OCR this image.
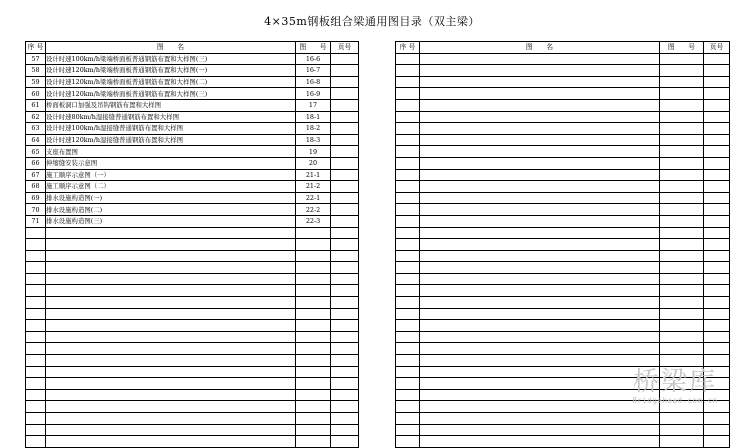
4×35m钢板组合梁通用图目录（双主梁）
序 号	图　　名	图　　号	页号
57	设计时速100km/h梁端桥面板普通钢筋布置和大样图(三)	16-6	
58	设计时速120km/h梁端桥面板普通钢筋布置和大样图(一)	16-7	
59	设计时速120km/h梁端桥面板普通钢筋布置和大样图(二)	16-8	
60	设计时速120km/h梁端桥面板普通钢筋布置和大样图(三)	16-9	
61	桥面板洞口加强及吊钩钢筋布置和大样图	17	
62	设计时速80km/h湿接缝普通钢筋布置和大样图	18-1	
63	设计时速100km/h湿接缝普通钢筋布置和大样图	18-2	
64	设计时速120km/h湿接缝普通钢筋布置和大样图	18-3	
65	支座布置图	19	
66	伸缩缝安装示意图	20	
67	施工顺序示意图（一）	21-1	
68	施工顺序示意图（二）	21-2	
69	排水设施构造图(一)	22-1	
70	排水设施构造图(二)	22-2	
71	排水设施构造图(三)	22-3	

序 号	图　　名	图　　号	页号

桥梁库
Bridgehead.com.cn
